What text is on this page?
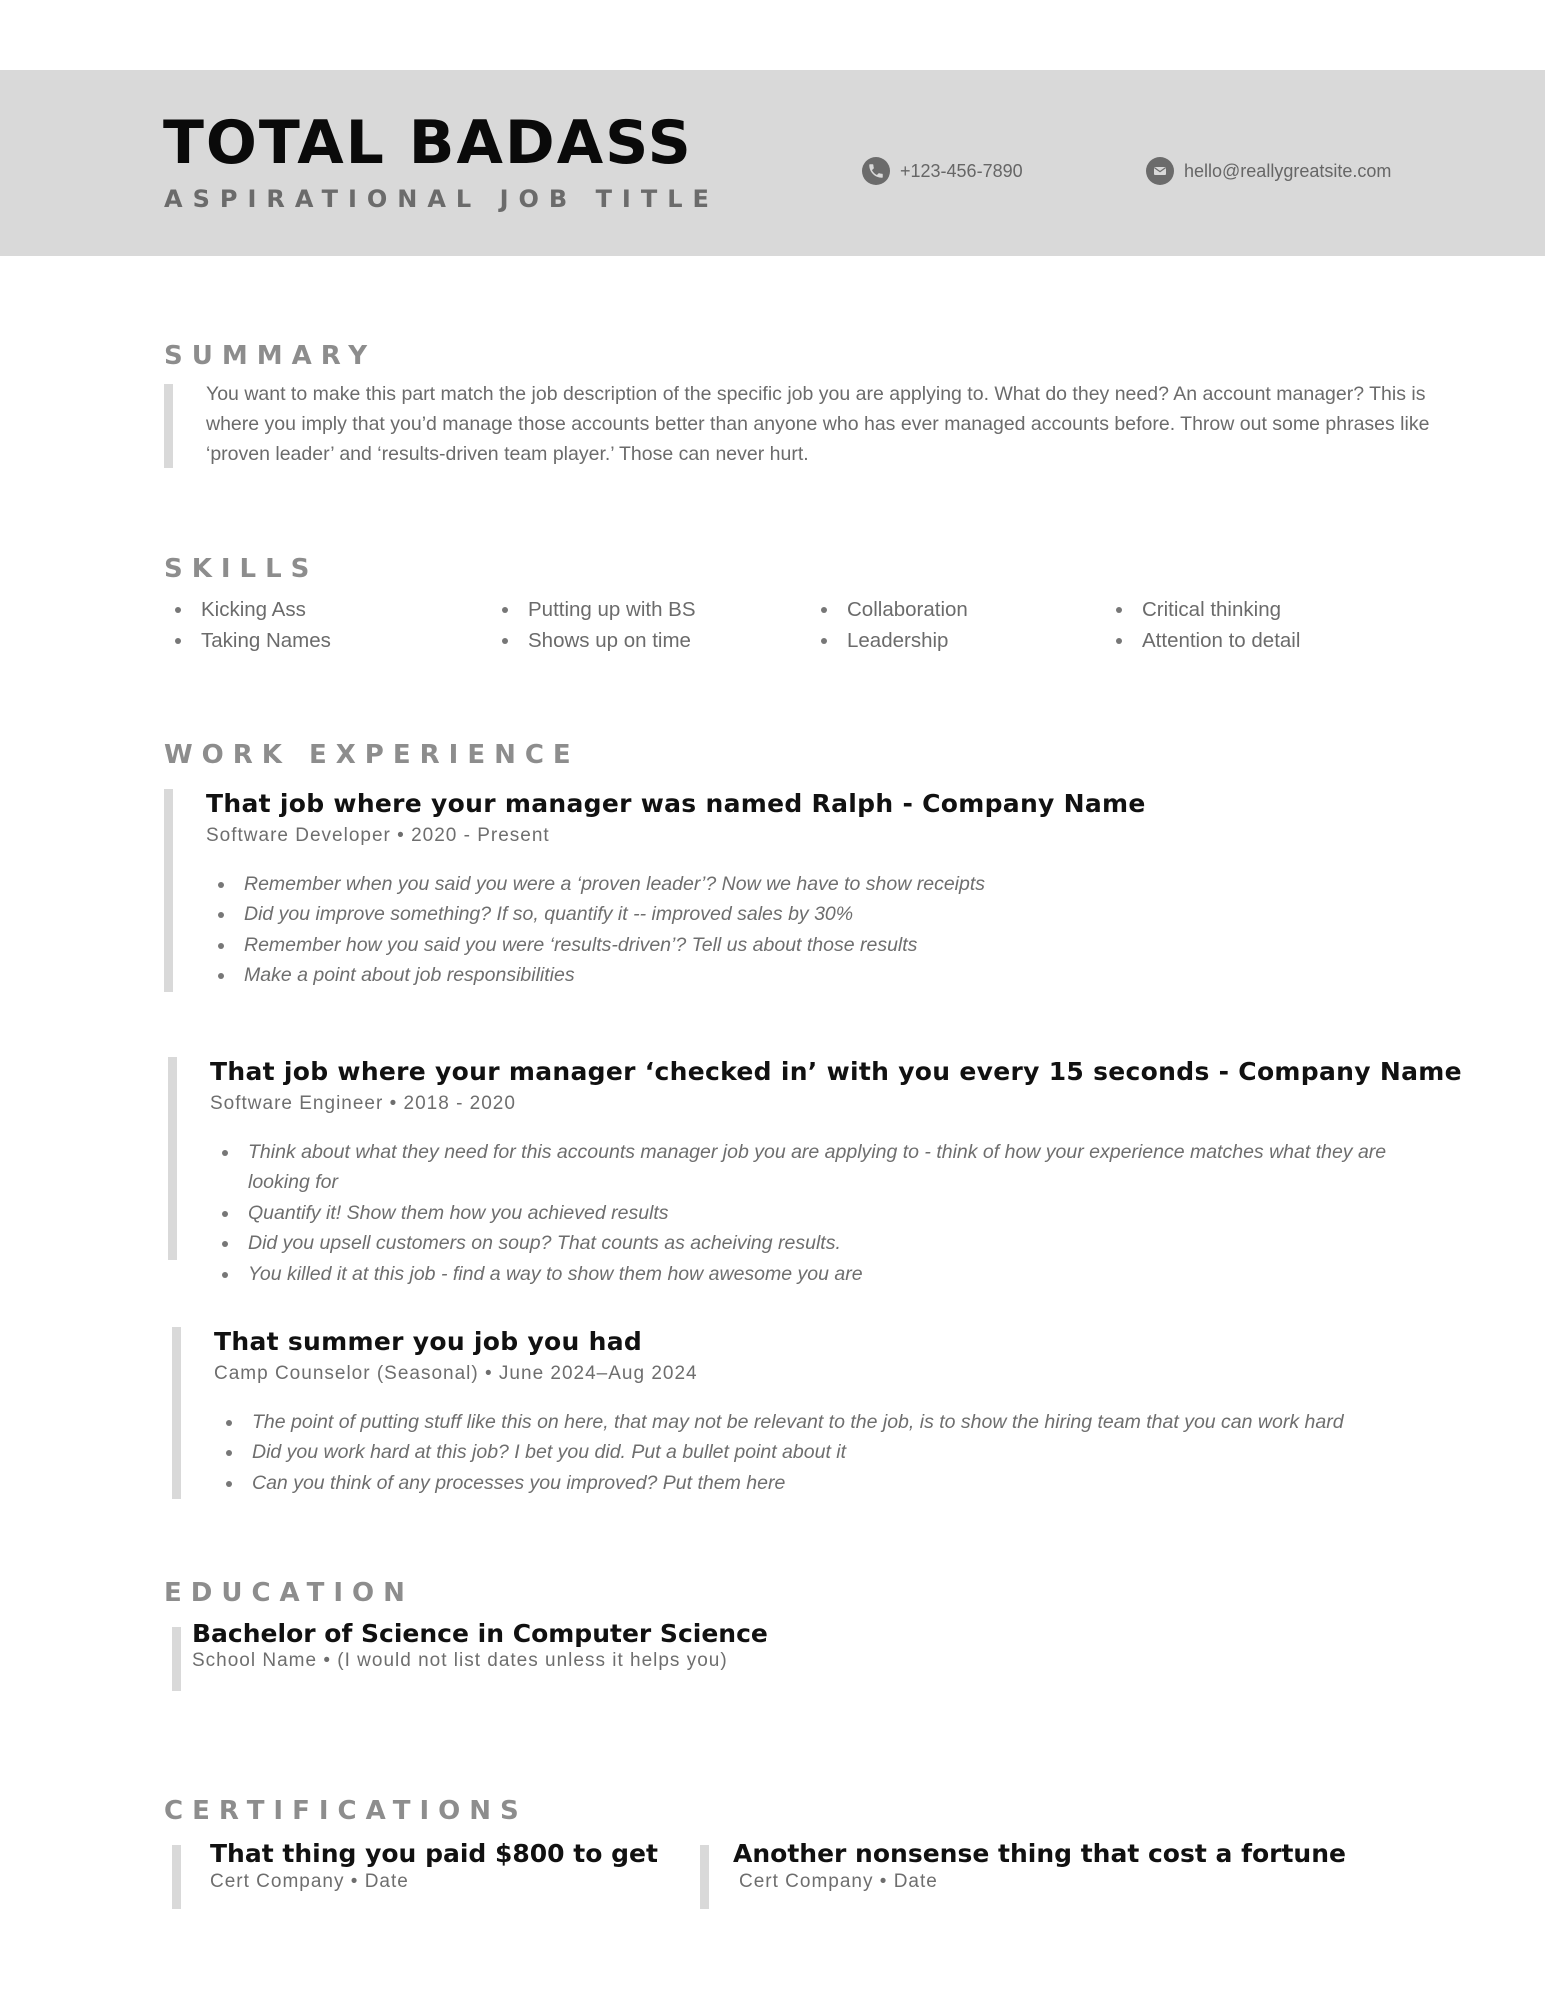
TOTAL BADASS
ASPIRATIONAL JOB TITLE
+123-456-7890	hello@reallygreatsite.com
SUMMARY

You want to make this part match the job description of the specific job you are applying to. What do they need? An account manager? This is where you imply that you’d manage those accounts better than anyone who has ever managed accounts before. Throw out some phrases like ‘proven leader’ and ‘results-driven team player.’ Those can never hurt.

SKILLS
Kicking Ass
Taking Names
Putting up with BS
Shows up on time
Collaboration
Leadership
Critical thinking
Attention to detail
WORK EXPERIENCE
That job where your manager was named Ralph - Company Name
Software Developer • 2020 - Present
Remember when you said you were a ‘proven leader’? Now we have to show receipts
Did you improve something? If so, quantify it -- improved sales by 30%
Remember how you said you were ‘results-driven’? Tell us about those results
Make a point about job responsibilities
That job where your manager ‘checked in’ with you every 15 seconds - Company Name
Software Engineer • 2018 - 2020
Think about what they need for this accounts manager job you are applying to - think of how your experience matches what they are looking for
Quantify it! Show them how you achieved results
Did you upsell customers on soup? That counts as acheiving results.
You killed it at this job - find a way to show them how awesome you are
That summer you job you had
Camp Counselor (Seasonal) • June 2024–Aug 2024
The point of putting stuff like this on here, that may not be relevant to the job, is to show the hiring team that you can work hard
Did you work hard at this job? I bet you did. Put a bullet point about it
Can you think of any processes you improved? Put them here
EDUCATION
Bachelor of Science in Computer Science
School Name • (I would not list dates unless it helps you)
CERTIFICATIONS
That thing you paid $800 to get
Cert Company • Date
Another nonsense thing that cost a fortune
Cert Company • Date
